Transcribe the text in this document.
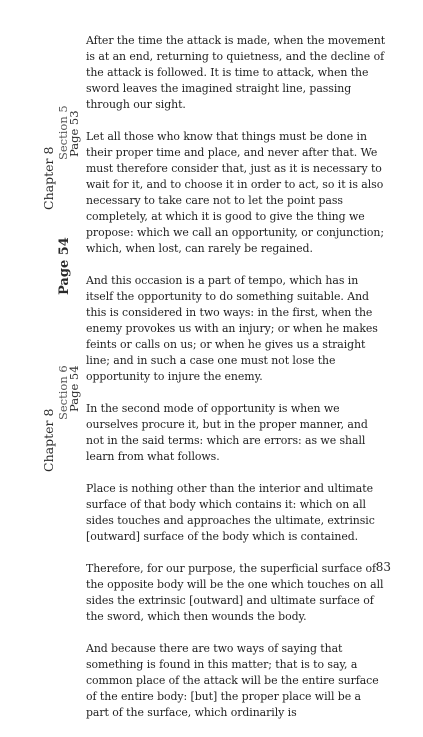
After the time the attack is made, when the movement is at an end, returning to quietness, and the decline of the attack is followed. It is time to attack, when the sword leaves the imagined straight line, passing through our sight.

Let all those who know that things must be done in their proper time and place, and never after that. We must therefore consider that, just as it is necessary to wait for it, and to choose it in order to act, so it is also necessary to take care not to let the point pass completely, at which it is good to give the thing we propose: which we call an opportunity, or conjunction; which, when lost, can rarely be regained.

And this occasion is a part of tempo, which has in itself the opportunity to do something suitable. And this is considered in two ways: in the first, when the enemy provokes us with an injury; or when he makes feints or calls on us; or when he gives us a straight line; and in such a case one must not lose the opportunity to injure the enemy.

In the second mode of opportunity is when we ourselves procure it, but in the proper manner, and not in the said terms: which are errors: as we shall learn from what follows.

Place is nothing other than the interior and ultimate surface of that body which contains it: which on all sides touches and approaches the ultimate, extrinsic [outward] surface of the body which is contained.

Therefore, for our purpose, the superficial surface of the opposite body will be the one which touches on all sides the extrinsic [outward] and ultimate surface of the sword, which then wounds the body.

And because there are two ways of saying that something is found in this matter; that is to say, a common place of the attack will be the entire surface of the entire body: [but] the proper place will be a part of the surface, which ordinarily is

Chapter 8
Section 5
Page 53
Page 54
Chapter 8
Section 6
Page 54
83
